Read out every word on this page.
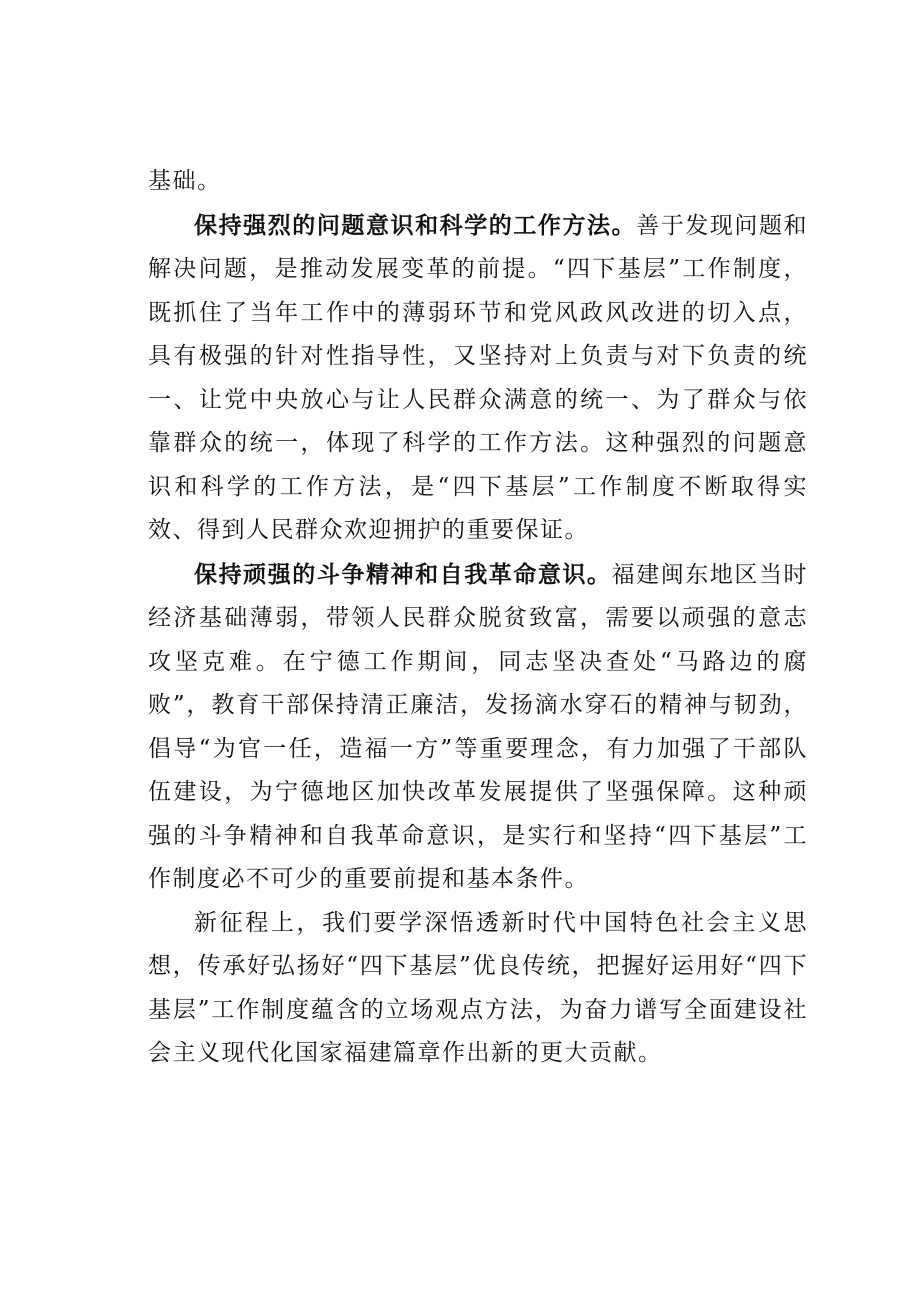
基础。

保持强烈的问题意识和科学的工作方法。善于发现问题和解决问题，是推动发展变革的前提。“四下基层”工作制度，既抓住了当年工作中的薄弱环节和党风政风改进的切入点，具有极强的针对性指导性，又坚持对上负责与对下负责的统一、让党中央放心与让人民群众满意的统一、为了群众与依靠群众的统一，体现了科学的工作方法。这种强烈的问题意识和科学的工作方法，是“四下基层”工作制度不断取得实效、得到人民群众欢迎拥护的重要保证。

保持顽强的斗争精神和自我革命意识。福建闽东地区当时经济基础薄弱，带领人民群众脱贫致富，需要以顽强的意志攻坚克难。在宁德工作期间，同志坚决查处“马路边的腐败”，教育干部保持清正廉洁，发扬滴水穿石的精神与韧劲，倡导“为官一任，造福一方”等重要理念，有力加强了干部队伍建设，为宁德地区加快改革发展提供了坚强保障。这种顽强的斗争精神和自我革命意识，是实行和坚持“四下基层”工作制度必不可少的重要前提和基本条件。

新征程上，我们要学深悟透新时代中国特色社会主义思想，传承好弘扬好“四下基层”优良传统，把握好运用好“四下基层”工作制度蕴含的立场观点方法，为奋力谱写全面建设社会主义现代化国家福建篇章作出新的更大贡献。
